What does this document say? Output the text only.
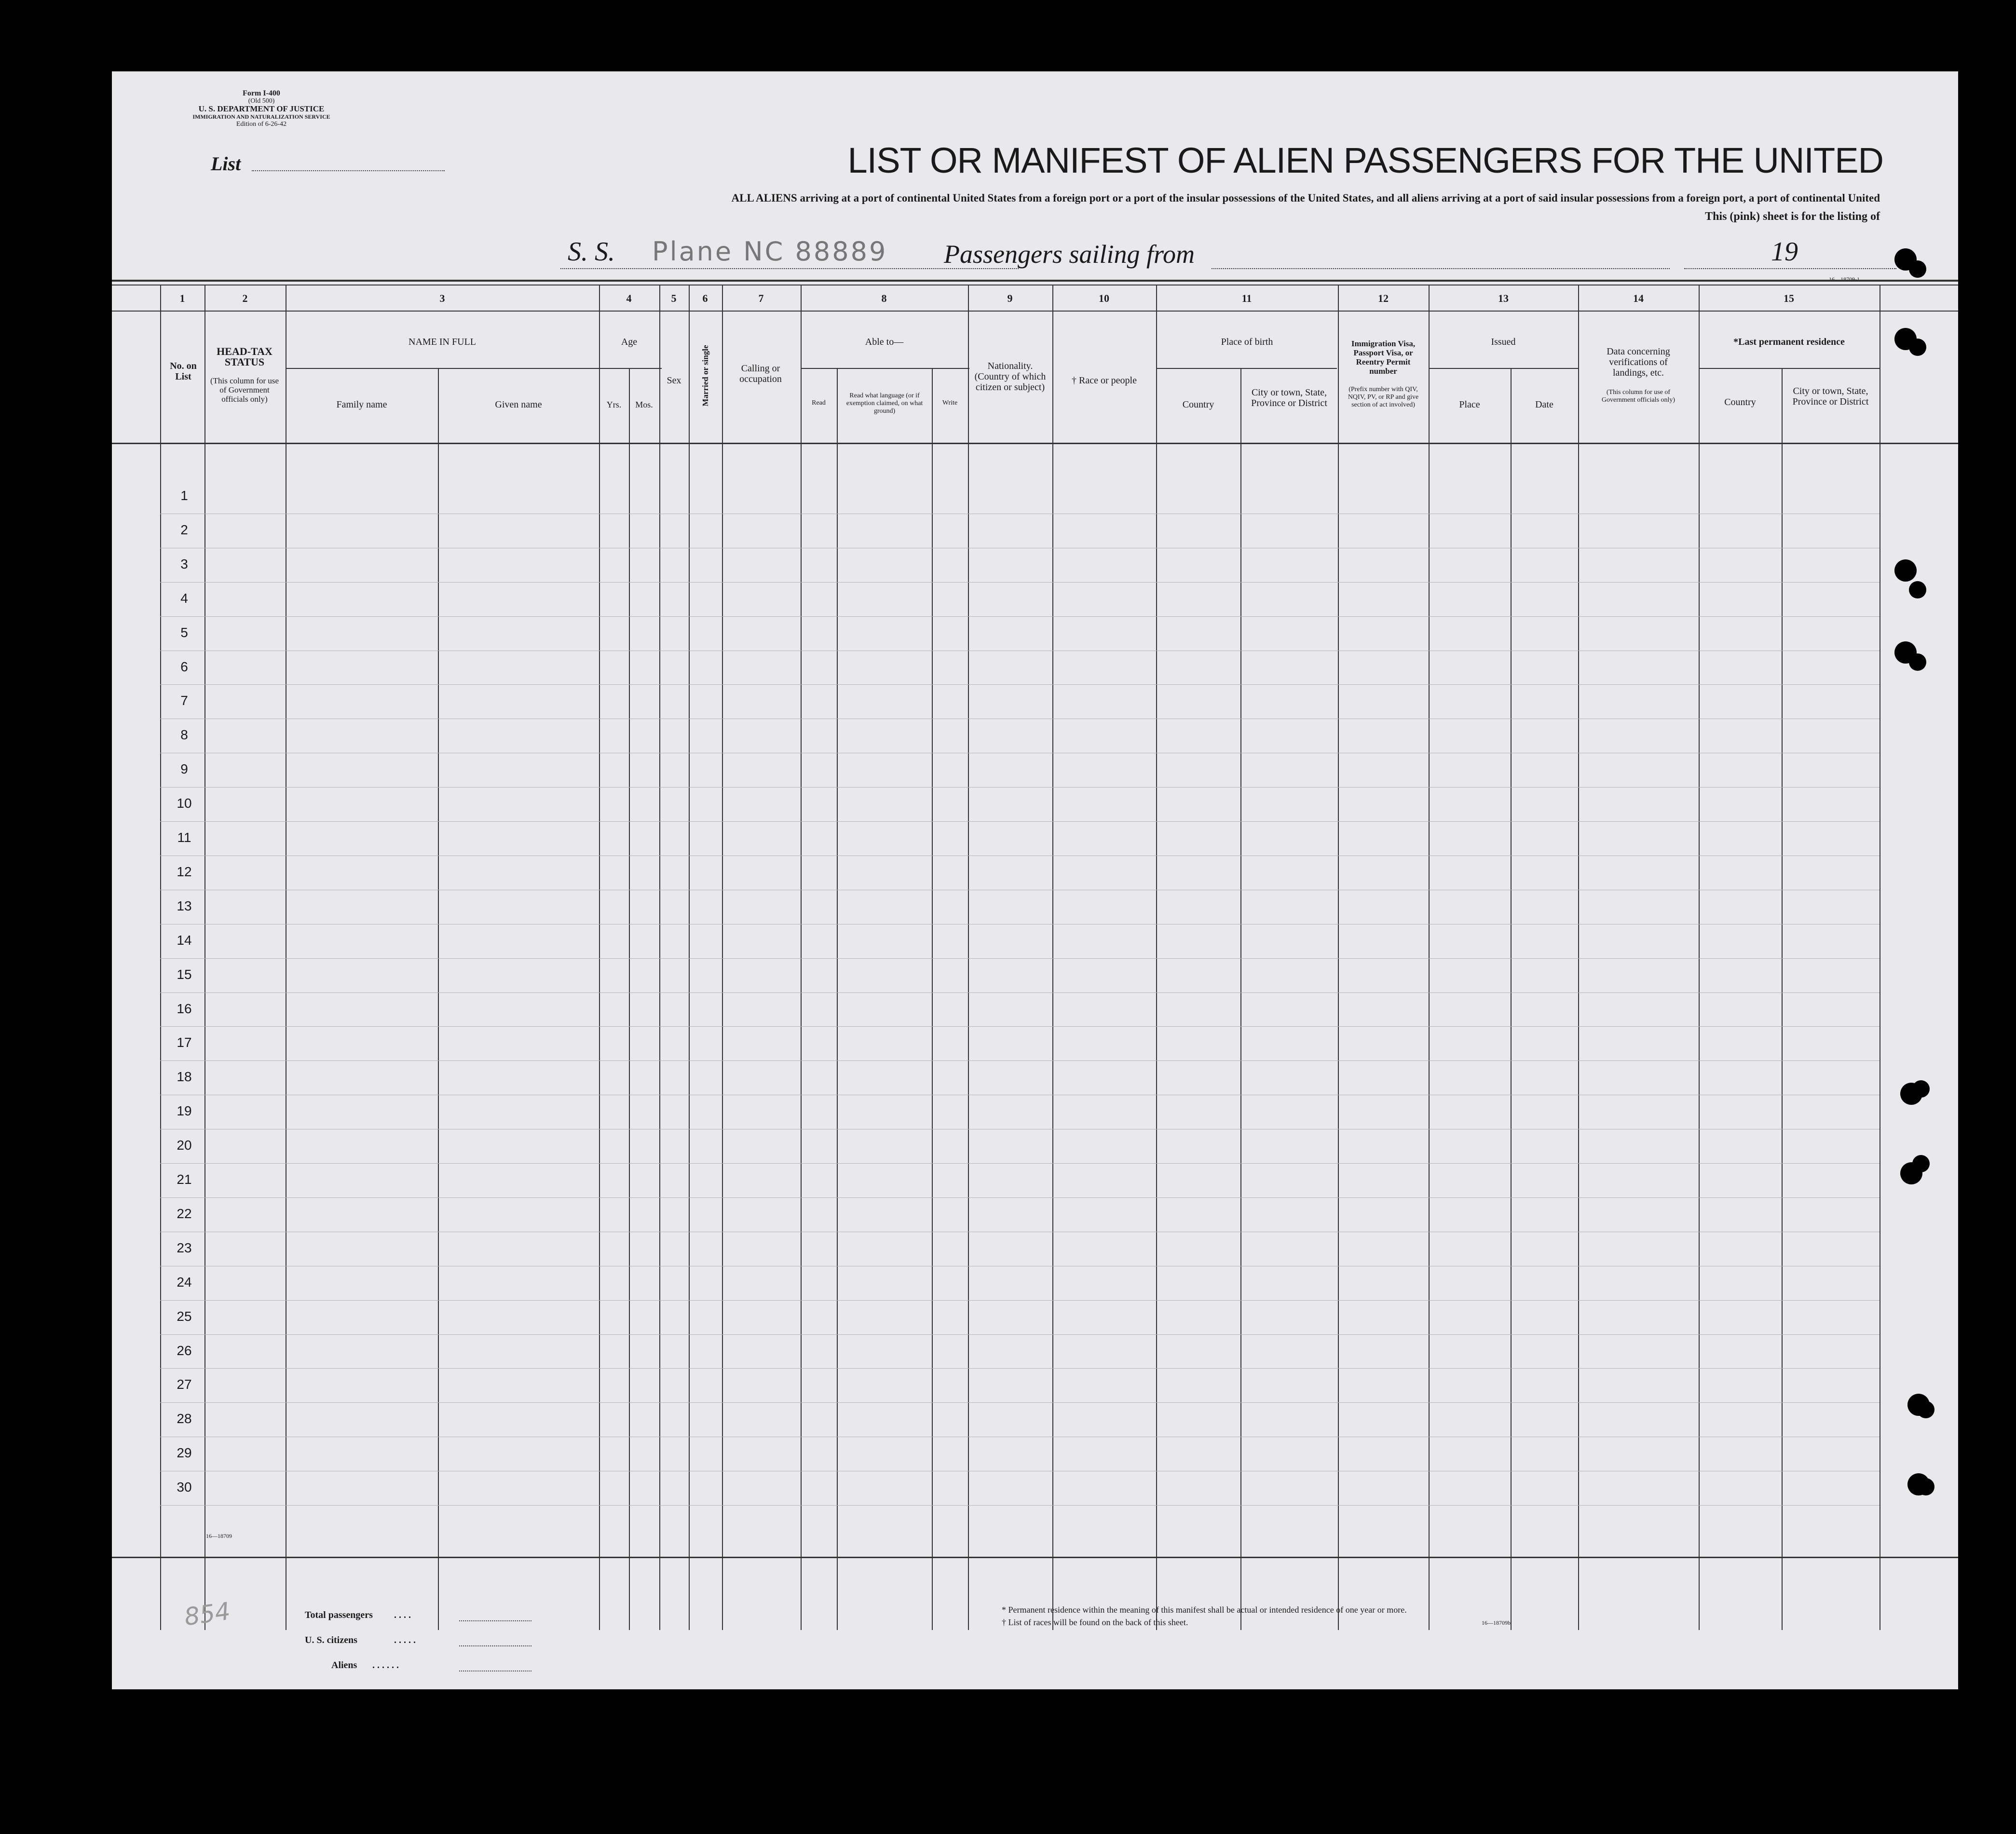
Form I-400
(Old 500)
U. S. DEPARTMENT OF JUSTICE
IMMIGRATION AND NATURALIZATION SERVICE
Edition of 6-26-42
List	LIST OR MANIFEST OF ALIEN PASSENGERS FOR THE UNITED
ALL ALIENS arriving at a port of continental United States from a foreign port or a port of the insular possessions of the United States, and all aliens arriving at a port of said insular possessions from a foreign port, a port of continental United
This (pink) sheet is for the listing of
S. S. Plane NC 88889 Passengers sailing from	19
16—18709-1
1	2	3	4	5	6	7	8	9	10	11	12	13	14	15
No. on List
HEAD-TAX STATUS
(This column for use of Government officials only)
NAME IN FULL
Family name	Given name
Age
Yrs.	Mos.
Sex	Married or single	Calling or occupation
Able to—
Read
Read what language (or if exemption claimed, on what ground)
Write
Nationality. (Country of which citizen or subject)
† Race or people
Place of birth
Country
City or town, State, Province or District
Immigration Visa, Passport Visa, or Reentry Permit number
(Prefix number with QIV, NQIV, PV, or RP and give section of act involved)
Issued
Place	Date
Data concerning verifications of landings, etc.
(This column for use of Government officials only)
*Last permanent residence
Country
City or town, State, Province or District
1
2
3
4
5
6
7
8
9
10
11
12
13
14
15
16
17
18
19
20
21
22
23
24
25
26
27
28
29
30
16—18709
854	Total passengers . . . .
U. S. citizens	. . . . .
Aliens . . . . . .
* Permanent residence within the meaning of this manifest shall be actual or intended residence of one year or more.
† List of races will be found on the back of this sheet.	16—18709b
